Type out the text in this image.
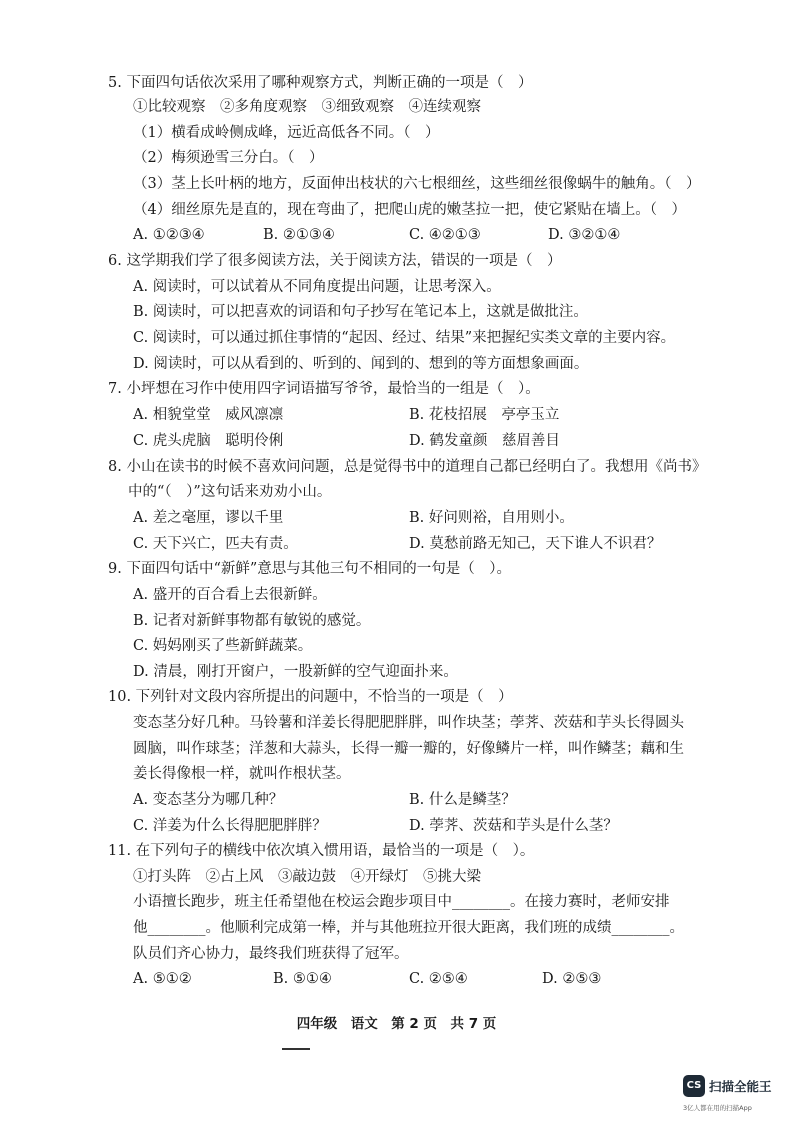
5. 下面四句话依次采用了哪种观察方式，判断正确的一项是（　）
①比较观察　②多角度观察　③细致观察　④连续观察
（1）横看成岭侧成峰，远近高低各不同。（　）
（2）梅须逊雪三分白。（　）
（3）茎上长叶柄的地方，反面伸出枝状的六七根细丝，这些细丝很像蜗牛的触角。（　）
（4）细丝原先是直的，现在弯曲了，把爬山虎的嫩茎拉一把，使它紧贴在墙上。（　）
A. ①②③④	B. ②①③④	C. ④②①③	D. ③②①④
6. 这学期我们学了很多阅读方法，关于阅读方法，错误的一项是（　）
A. 阅读时，可以试着从不同角度提出问题，让思考深入。
B. 阅读时，可以把喜欢的词语和句子抄写在笔记本上，这就是做批注。
C. 阅读时，可以通过抓住事情的“起因、经过、结果”来把握纪实类文章的主要内容。
D. 阅读时，可以从看到的、听到的、闻到的、想到的等方面想象画面。
7. 小坪想在习作中使用四字词语描写爷爷，最恰当的一组是（　）。
A. 相貌堂堂　威风凛凛	B. 花枝招展　亭亭玉立
C. 虎头虎脑　聪明伶俐	D. 鹤发童颜　慈眉善目
8. 小山在读书的时候不喜欢问问题，总是觉得书中的道理自己都已经明白了。我想用《尚书》
中的“（　）”这句话来劝劝小山。
A. 差之毫厘，谬以千里	B. 好问则裕，自用则小。
C. 天下兴亡，匹夫有责。	D. 莫愁前路无知己，天下谁人不识君？
9. 下面四句话中“新鲜”意思与其他三句不相同的一句是（　）。
A. 盛开的百合看上去很新鲜。
B. 记者对新鲜事物都有敏锐的感觉。
C. 妈妈刚买了些新鲜蔬菜。
D. 清晨，刚打开窗户，一股新鲜的空气迎面扑来。
10. 下列针对文段内容所提出的问题中，不恰当的一项是（　）
变态茎分好几种。马铃薯和洋姜长得肥肥胖胖，叫作块茎；荸荠、茨菇和芋头长得圆头
圆脑，叫作球茎；洋葱和大蒜头，长得一瓣一瓣的，好像鳞片一样，叫作鳞茎；藕和生
姜长得像根一样，就叫作根状茎。
A. 变态茎分为哪几种？	B. 什么是鳞茎？
C. 洋姜为什么长得肥肥胖胖？	D. 荸荠、茨菇和芋头是什么茎？
11. 在下列句子的横线中依次填入惯用语，最恰当的一项是（　）。
①打头阵　②占上风　③敲边鼓　④开绿灯　⑤挑大梁
小语擅长跑步，班主任希望他在校运会跑步项目中________。在接力赛时，老师安排
他________。他顺利完成第一棒，并与其他班拉开很大距离，我们班的成绩________。
队员们齐心协力，最终我们班获得了冠军。
A. ⑤①②	B. ⑤①④	C. ②⑤④	D. ②⑤③
四年级　语文　第 2 页　共 7 页
CS 扫描全能王
3亿人都在用的扫描App
